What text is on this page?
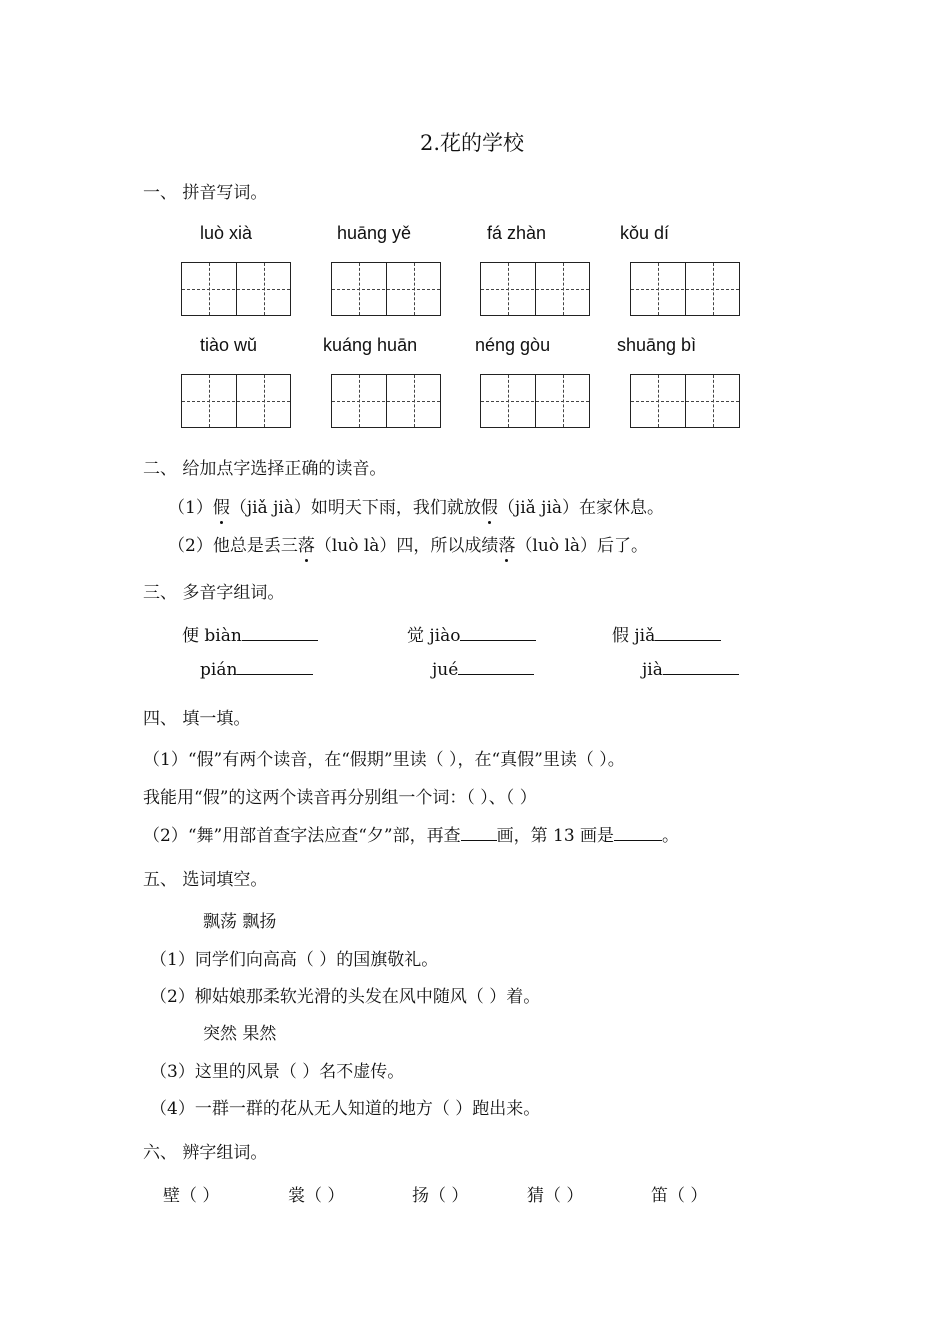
2.花的学校
一、 拼音写词。
luò xià	huāng yě	fá zhàn	kǒu dí
tiào wǔ	kuáng huān	néng gòu	shuāng bì
二、 给加点字选择正确的读音。
（1）假（jiǎ jià）如明天下雨，我们就放假（jiǎ jià）在家休息。
（2）他总是丢三落（luò là）四，所以成绩落（luò là）后了。
三、 多音字组词。
便 biàn	觉 jiào	假 jiǎ
pián	jué	jià
四、 填一填。
（1）“假”有两个读音，在“假期”里读（ ），在“真假”里读（ ）。
我能用“假”的这两个读音再分别组一个词：（ ）、（ ）
（2）“舞”用部首查字法应查“夕”部，再查 画，第 13 画是	。
五、 选词填空。
飘荡 飘扬
（1）同学们向高高（ ）的国旗敬礼。
（2）柳姑娘那柔软光滑的头发在风中随风（ ）着。
突然 果然
（3）这里的风景（ ）名不虚传。
（4）一群一群的花从无人知道的地方（ ）跑出来。
六、 辨字组词。
壁（ ）	裳（ ）	扬（ ）	猜（ ）	笛（ ）
